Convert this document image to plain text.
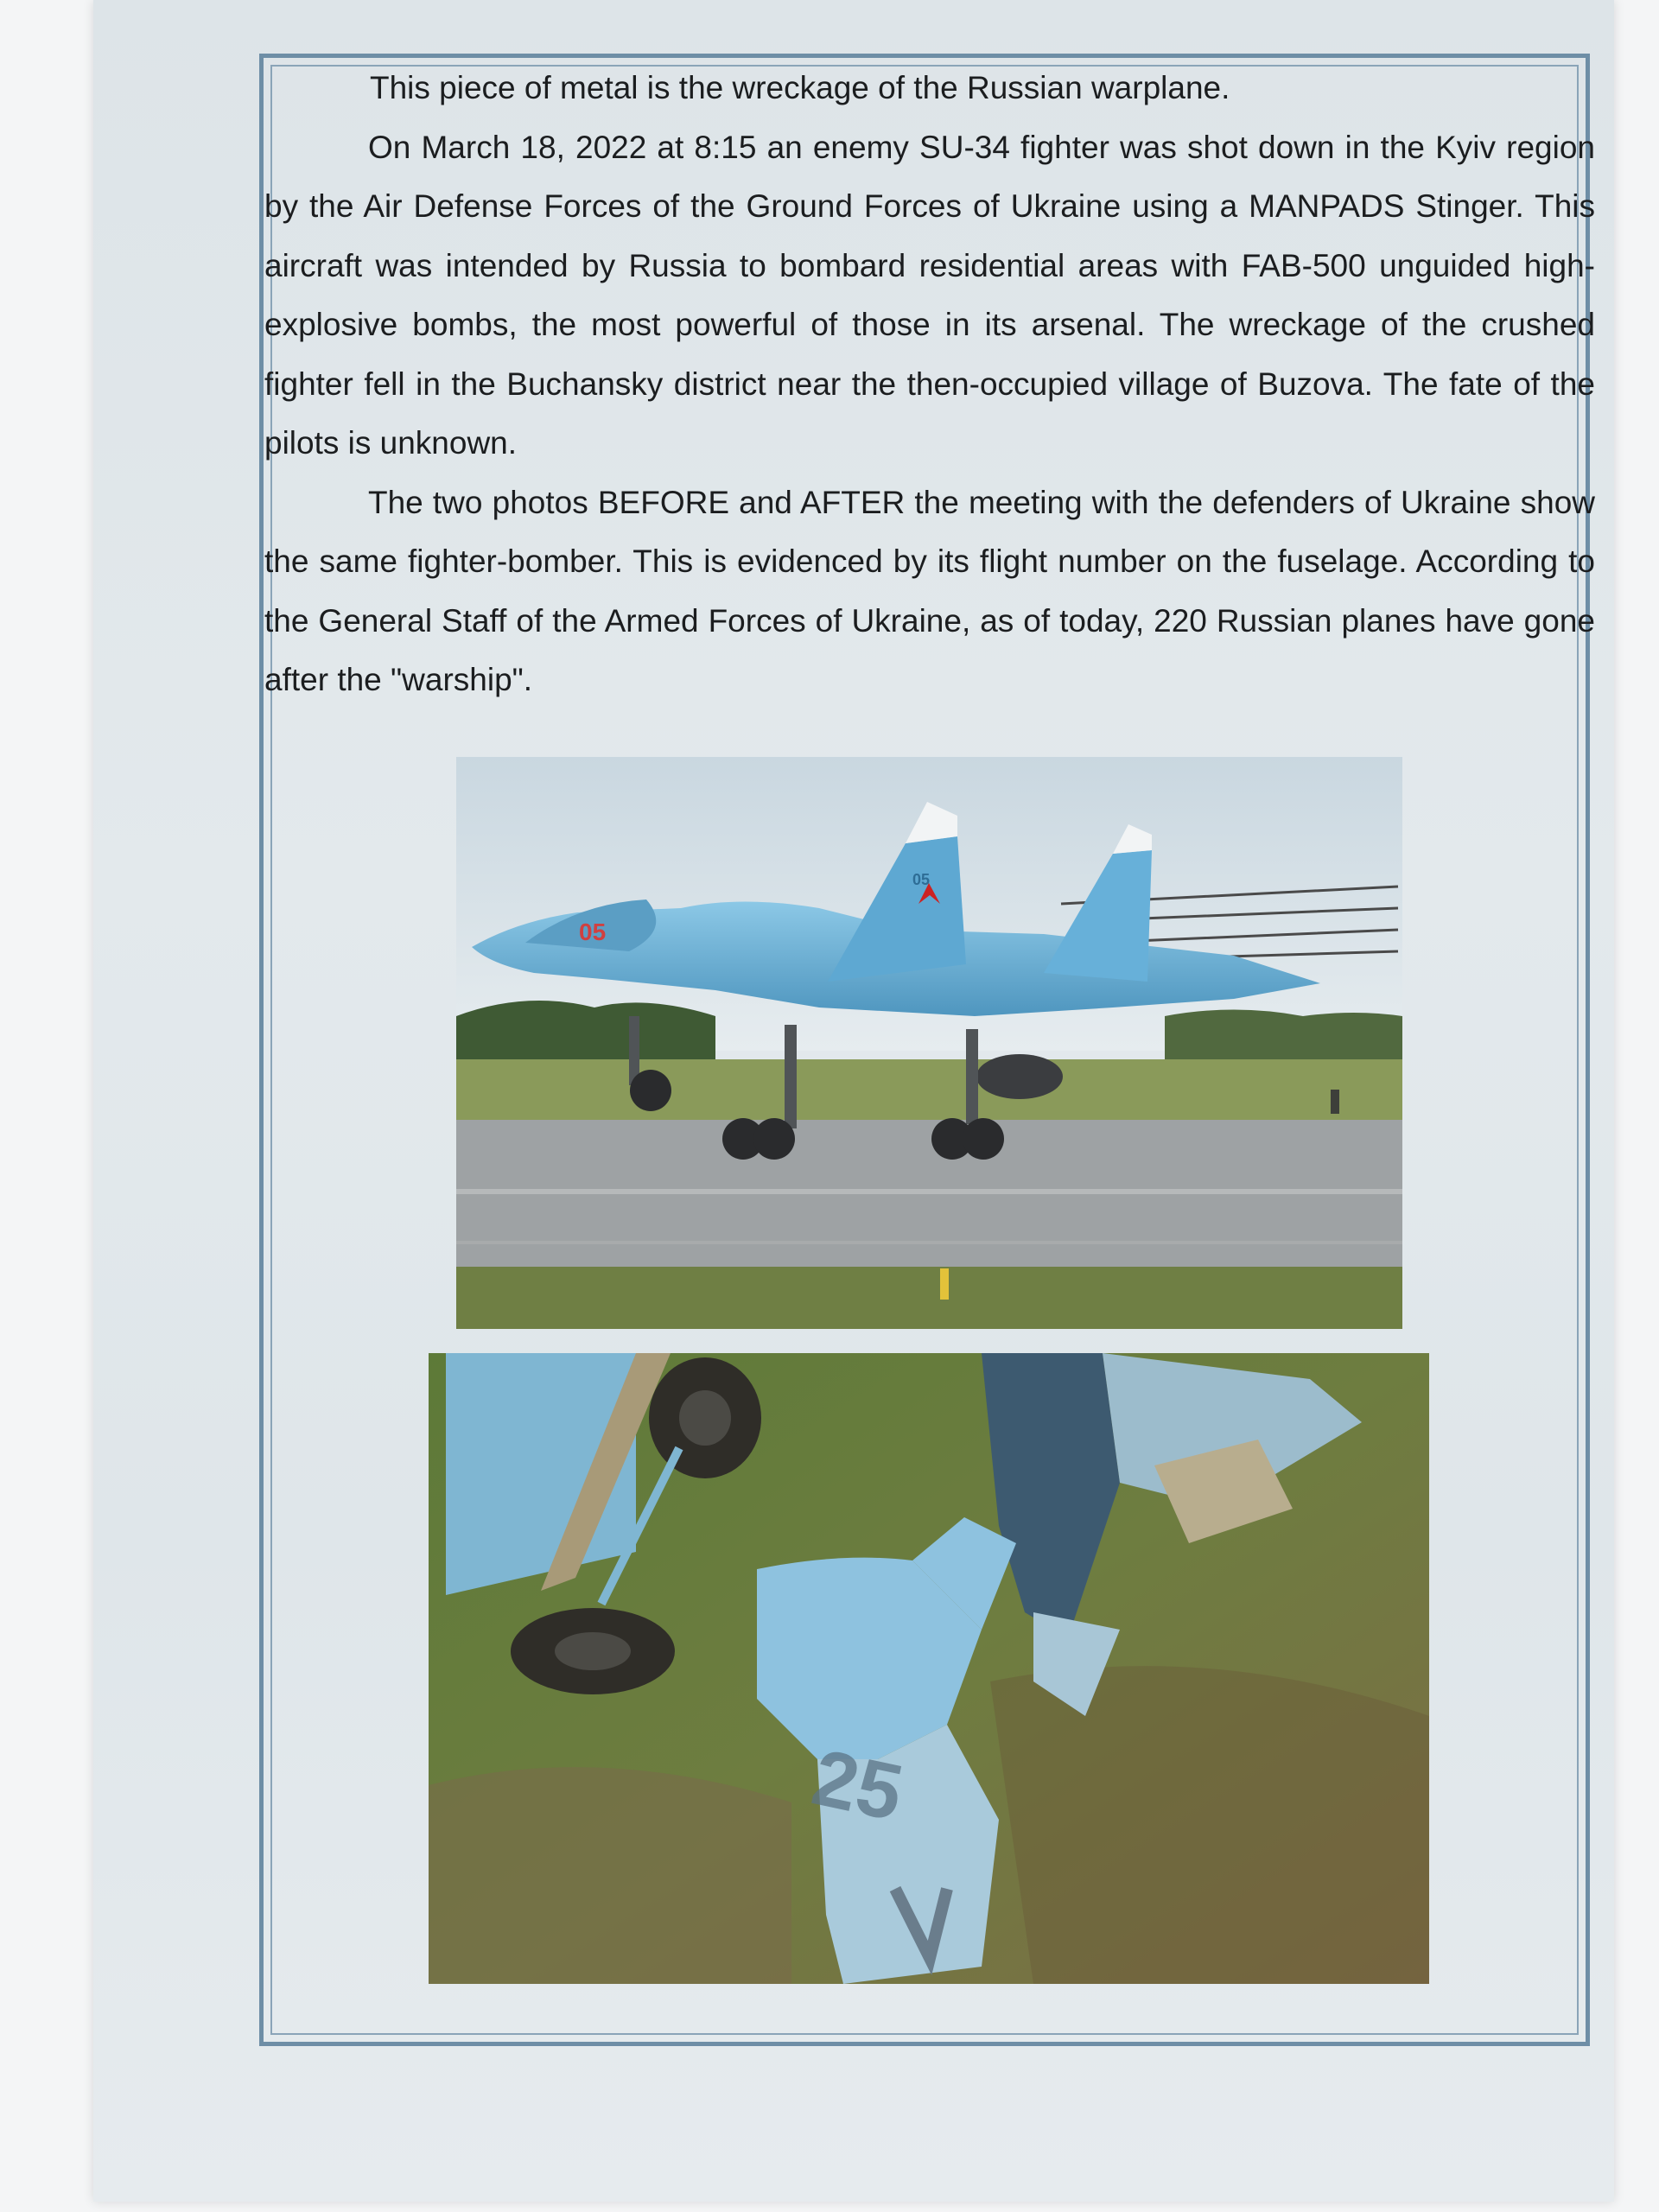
This piece of metal is the wreckage of the Russian warplane.

On March 18, 2022 at 8:15 an enemy SU-34 fighter was shot down in the Kyiv region by the Air Defense Forces of the Ground Forces of Ukraine using a MANPADS Stinger. This aircraft was intended by Russia to bombard residential areas with FAB-500 unguided high-explosive bombs, the most powerful of those in its arsenal. The wreckage of the crushed fighter fell in the Buchansky district near the then-occupied village of Buzova. The fate of the pilots is unknown.

The two photos BEFORE and AFTER the meeting with the defenders of Ukraine show the same fighter-bomber. This is evidenced by its flight number on the fuselage. According to the General Staff of the Armed Forces of Ukraine, as of today, 220 Russian planes have gone after the "warship".

05
05
25
